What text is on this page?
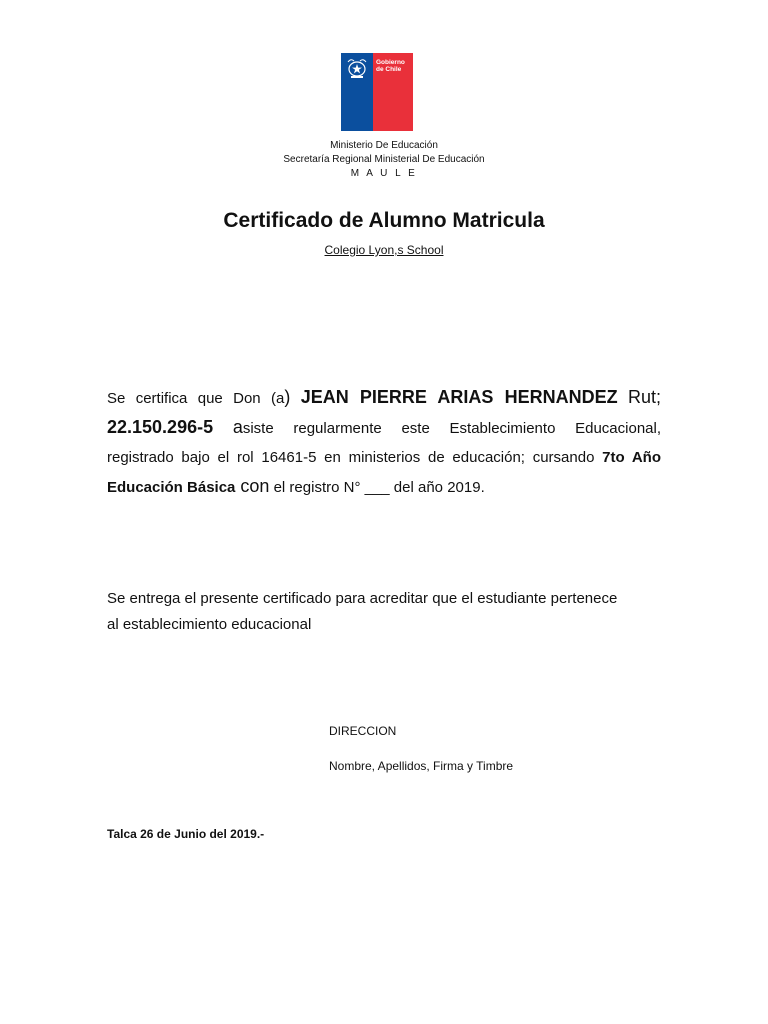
Gobierno
de Chile
Ministerio De Educación
Secretaría Regional Ministerial De Educación
M A U L E
Certificado de Alumno Matricula
Colegio Lyon,s School
Se certifica que Don (a) JEAN PIERRE ARIAS HERNANDEZ Rut;
22.150.296-5 asiste regularmente este Establecimiento Educacional,
registrado bajo el rol 16461-5 en ministerios de educación; cursando 7to Año
Educación Básica con el registro N° ___ del año 2019.
Se entrega el presente certificado para acreditar que el estudiante pertenece
al establecimiento educacional
DIRECCION
Nombre, Apellidos, Firma y Timbre
Talca 26 de Junio del 2019.-
